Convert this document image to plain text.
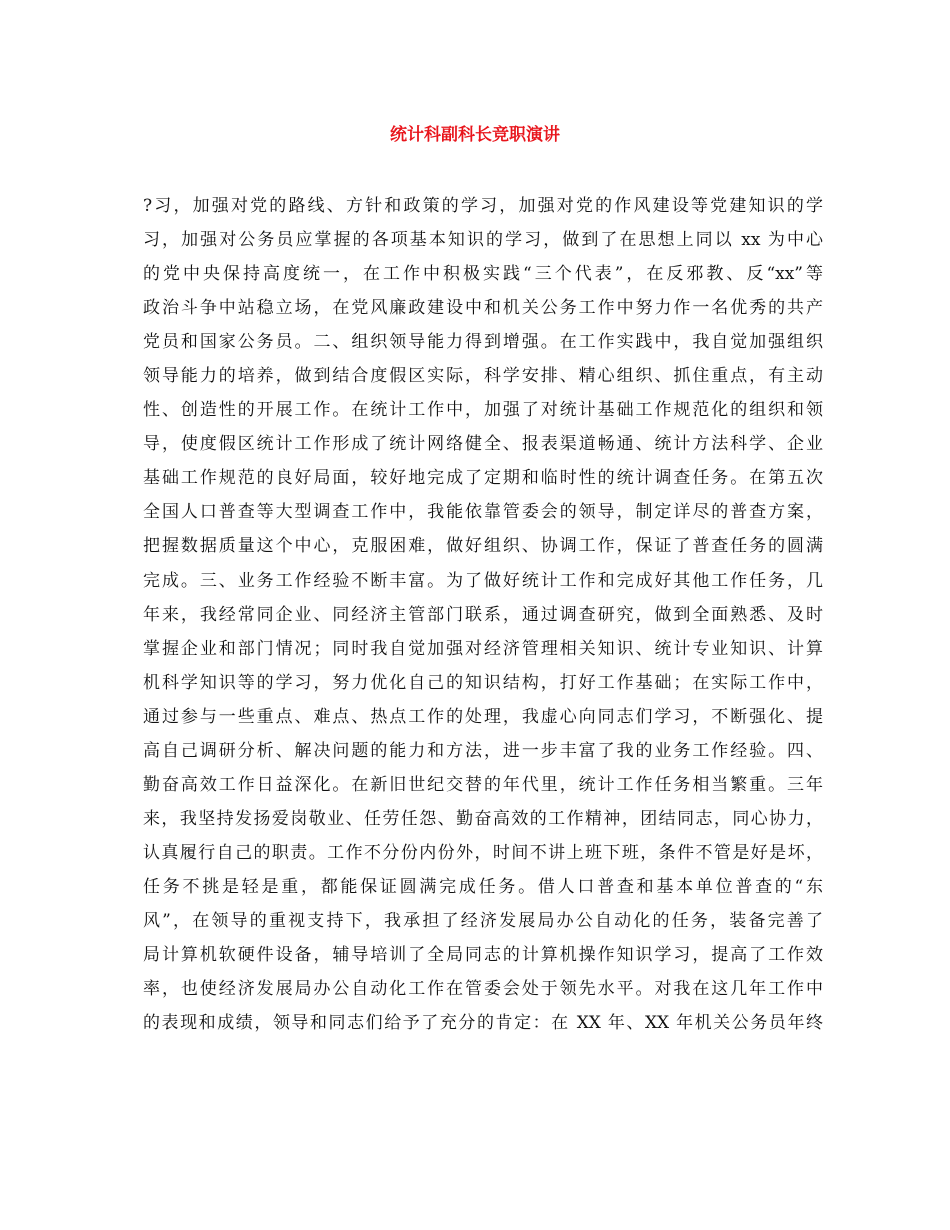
统计科副科长竞职演讲
?习，加强对党的路线、方针和政策的学习，加强对党的作风建设等党建知识的学
习，加强对公务员应掌握的各项基本知识的学习，做到了在思想上同以 xx 为中心
的党中央保持高度统一，在工作中积极实践“三个代表”，在反邪教、反“xx”等
政治斗争中站稳立场，在党风廉政建设中和机关公务工作中努力作一名优秀的共产
党员和国家公务员。二、组织领导能力得到增强。在工作实践中，我自觉加强组织
领导能力的培养，做到结合度假区实际，科学安排、精心组织、抓住重点，有主动
性、创造性的开展工作。在统计工作中，加强了对统计基础工作规范化的组织和领
导，使度假区统计工作形成了统计网络健全、报表渠道畅通、统计方法科学、企业
基础工作规范的良好局面，较好地完成了定期和临时性的统计调查任务。在第五次
全国人口普查等大型调查工作中，我能依靠管委会的领导，制定详尽的普查方案，
把握数据质量这个中心，克服困难，做好组织、协调工作，保证了普查任务的圆满
完成。三、业务工作经验不断丰富。为了做好统计工作和完成好其他工作任务，几
年来，我经常同企业、同经济主管部门联系，通过调查研究，做到全面熟悉、及时
掌握企业和部门情况；同时我自觉加强对经济管理相关知识、统计专业知识、计算
机科学知识等的学习，努力优化自己的知识结构，打好工作基础；在实际工作中，
通过参与一些重点、难点、热点工作的处理，我虚心向同志们学习，不断强化、提
高自己调研分析、解决问题的能力和方法，进一步丰富了我的业务工作经验。四、
勤奋高效工作日益深化。在新旧世纪交替的年代里，统计工作任务相当繁重。三年
来，我坚持发扬爱岗敬业、任劳任怨、勤奋高效的工作精神，团结同志，同心协力，
认真履行自己的职责。工作不分份内份外，时间不讲上班下班，条件不管是好是坏，
任务不挑是轻是重，都能保证圆满完成任务。借人口普查和基本单位普查的“东
风”，在领导的重视支持下，我承担了经济发展局办公自动化的任务，装备完善了
局计算机软硬件设备，辅导培训了全局同志的计算机操作知识学习，提高了工作效
率，也使经济发展局办公自动化工作在管委会处于领先水平。对我在这几年工作中
的表现和成绩，领导和同志们给予了充分的肯定：在 XX 年、XX 年机关公务员年终
